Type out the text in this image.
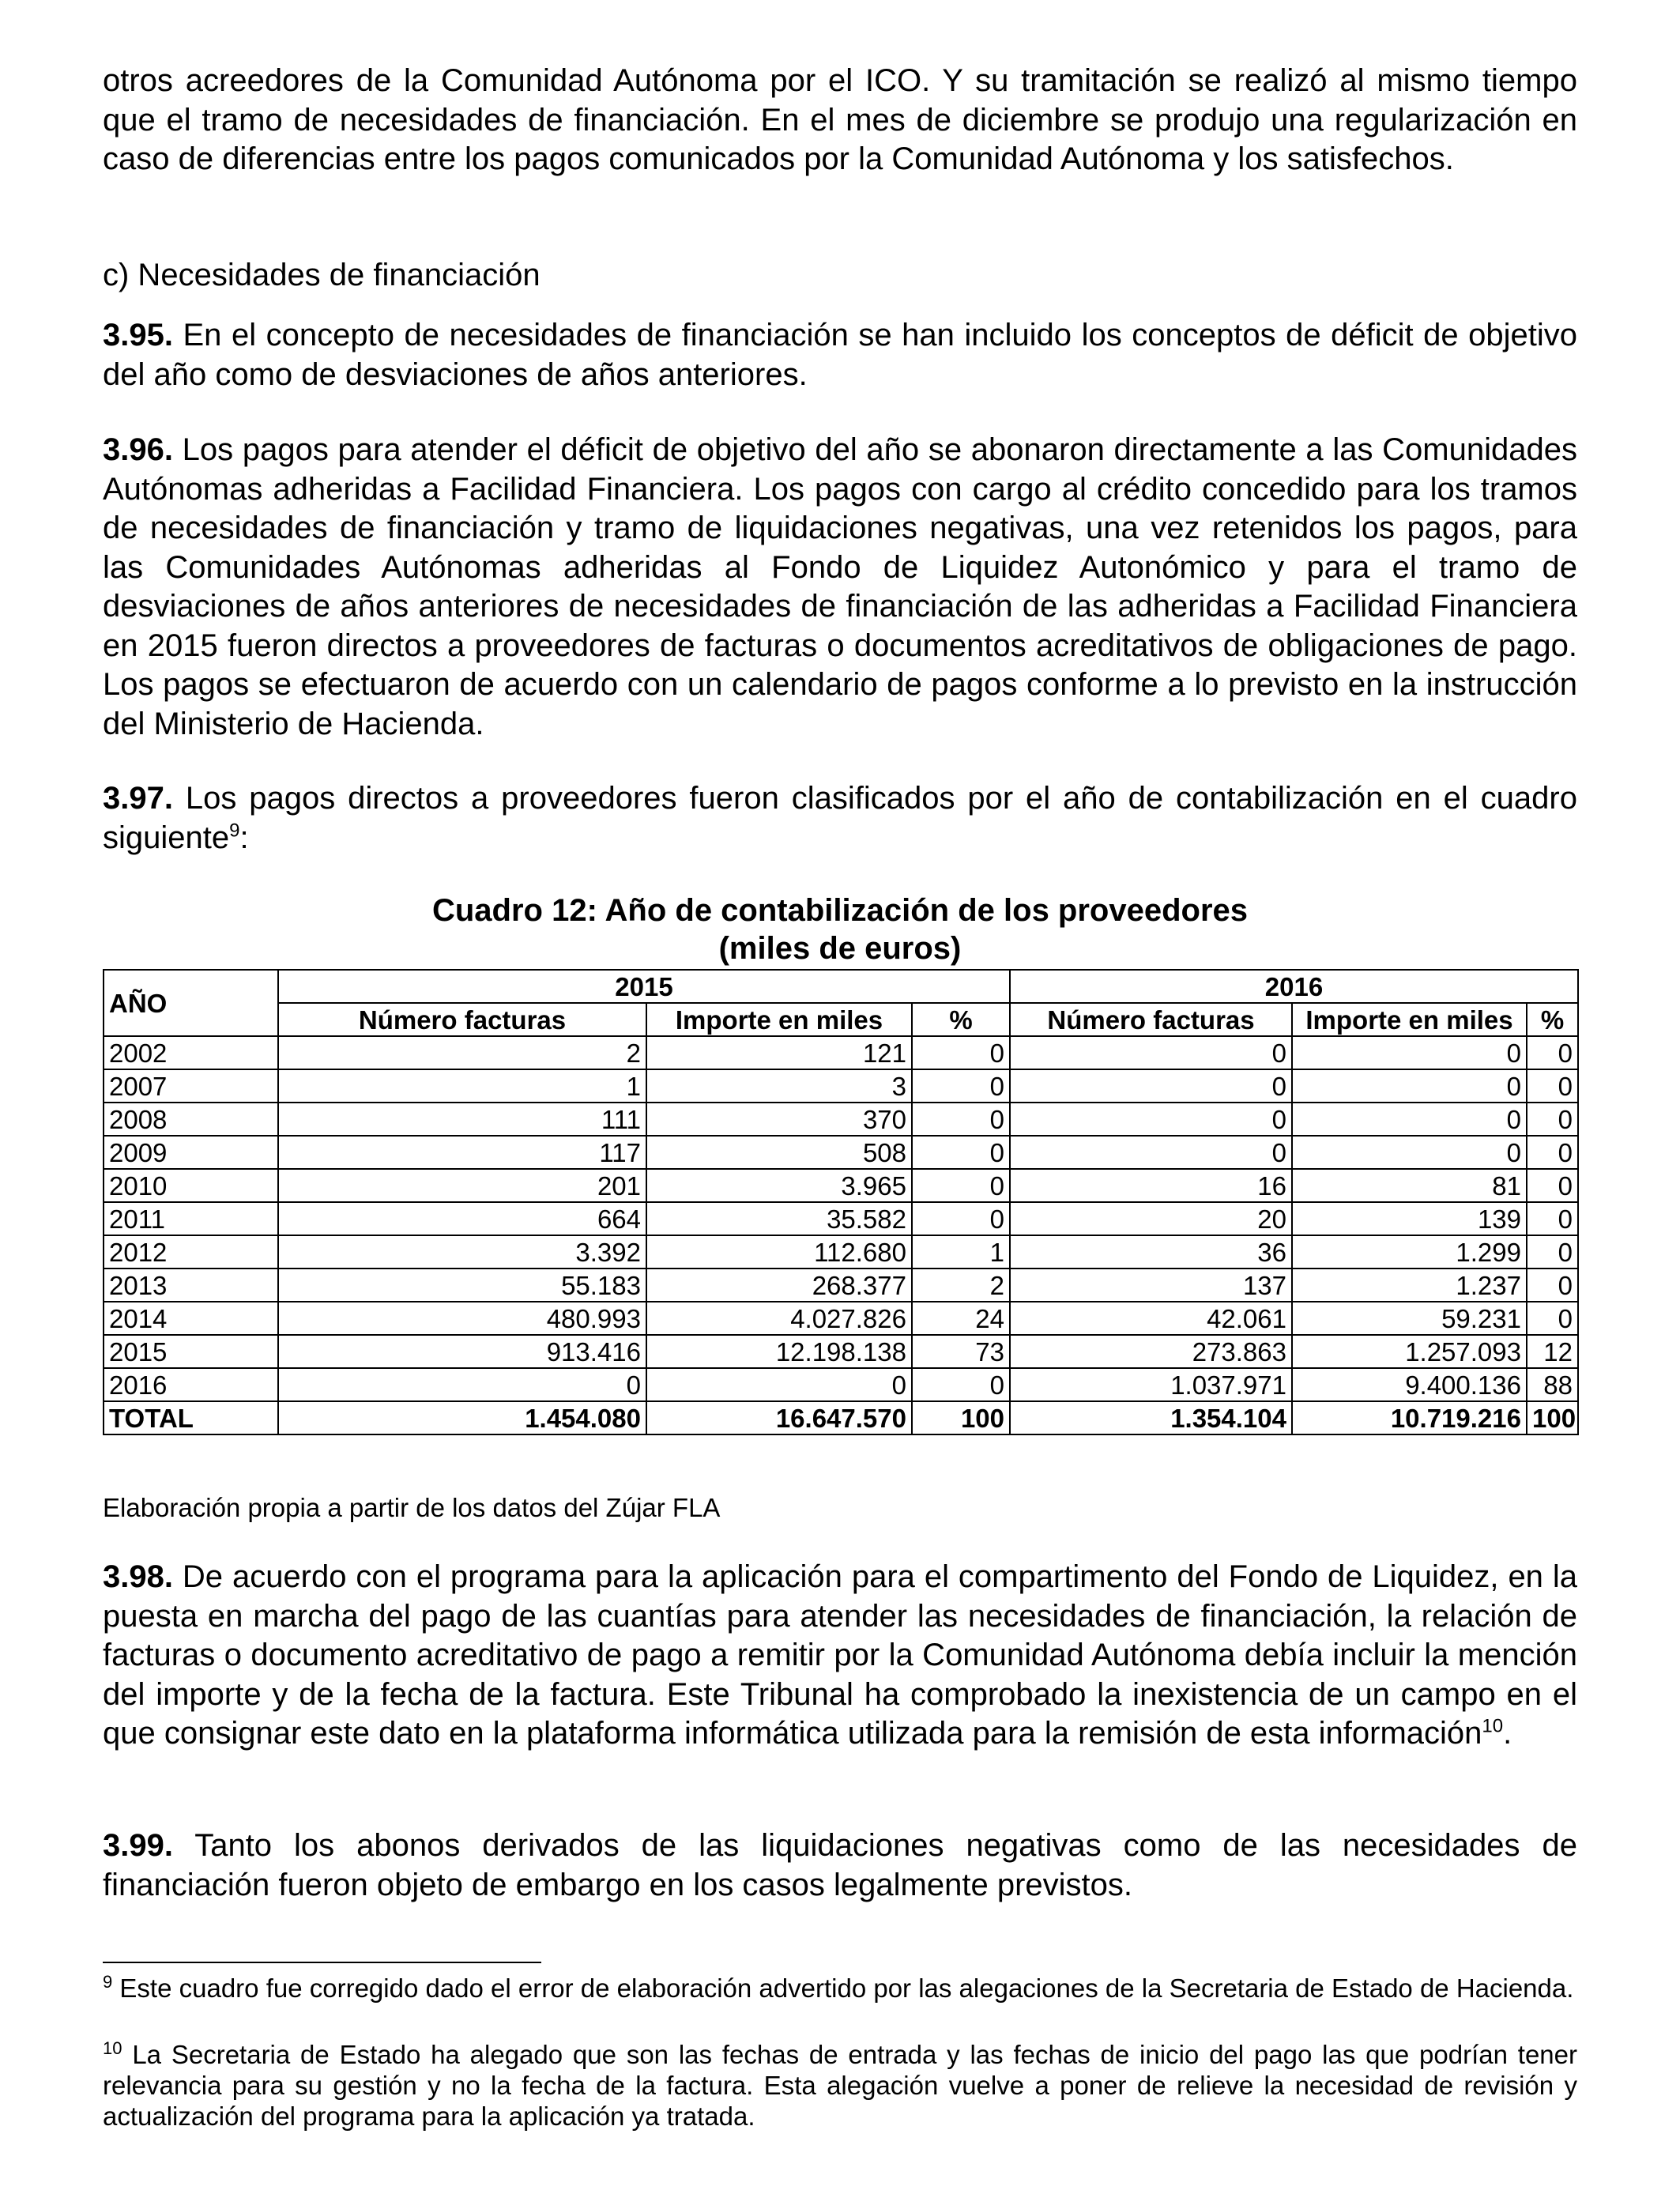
otros acreedores de la Comunidad Autónoma por el ICO. Y su tramitación se realizó al mismo tiempo que el tramo de necesidades de financiación. En el mes de diciembre se produjo una regularización en caso de diferencias entre los pagos comunicados por la Comunidad Autónoma y los satisfechos.

c) Necesidades de financiación

3.95. En el concepto de necesidades de financiación se han incluido los conceptos de déficit de objetivo del año como de desviaciones de años anteriores.

3.96. Los pagos para atender el déficit de objetivo del año se abonaron directamente a las Comunidades Autónomas adheridas a Facilidad Financiera. Los pagos con cargo al crédito concedido para los tramos de necesidades de financiación y tramo de liquidaciones negativas, una vez retenidos los pagos, para las Comunidades Autónomas adheridas al Fondo de Liquidez Autonómico y para el tramo de desviaciones de años anteriores de necesidades de financiación de las adheridas a Facilidad Financiera en 2015 fueron directos a proveedores de facturas o documentos acreditativos de obligaciones de pago. Los pagos se efectuaron de acuerdo con un calendario de pagos conforme a lo previsto en la instrucción del Ministerio de Hacienda.

3.97. Los pagos directos a proveedores fueron clasificados por el año de contabilización en el cuadro siguiente$^9$:

Cuadro 12: Año de contabilización de los proveedores
(miles de euros)
AÑO	2015			2016		
	Número facturas	Importe en miles	%	Número facturas	Importe en miles	%
2002	2	121	0	0	0	0
2007	1	3	0	0	0	0
2008	111	370	0	0	0	0
2009	117	508	0	0	0	0
2010	201	3.965	0	16	81	0
2011	664	35.582	0	20	139	0
2012	3.392	112.680	1	36	1.299	0
2013	55.183	268.377	2	137	1.237	0
2014	480.993	4.027.826	24	42.061	59.231	0
2015	913.416	12.198.138	73	273.863	1.257.093	12
2016	0	0	0	1.037.971	9.400.136	88
TOTAL	1.454.080	16.647.570	100	1.354.104	10.719.216	100
Elaboración propia a partir de los datos del Zújar FLA

3.98. De acuerdo con el programa para la aplicación para el compartimento del Fondo de Liquidez, en la puesta en marcha del pago de las cuantías para atender las necesidades de financiación, la relación de facturas o documento acreditativo de pago a remitir por la Comunidad Autónoma debía incluir la mención del importe y de la fecha de la factura. Este Tribunal ha comprobado la inexistencia de un campo en el que consignar este dato en la plataforma informática utilizada para la remisión de esta información$^{10}$.

3.99. Tanto los abonos derivados de las liquidaciones negativas como de las necesidades de financiación fueron objeto de embargo en los casos legalmente previstos.

$^9$ Este cuadro fue corregido dado el error de elaboración advertido por las alegaciones de la Secretaria de Estado de Hacienda.

$^{10}$ La Secretaria de Estado ha alegado que son las fechas de entrada y las fechas de inicio del pago las que podrían tener relevancia para su gestión y no la fecha de la factura. Esta alegación vuelve a poner de relieve la necesidad de revisión y actualización del programa para la aplicación ya tratada.
